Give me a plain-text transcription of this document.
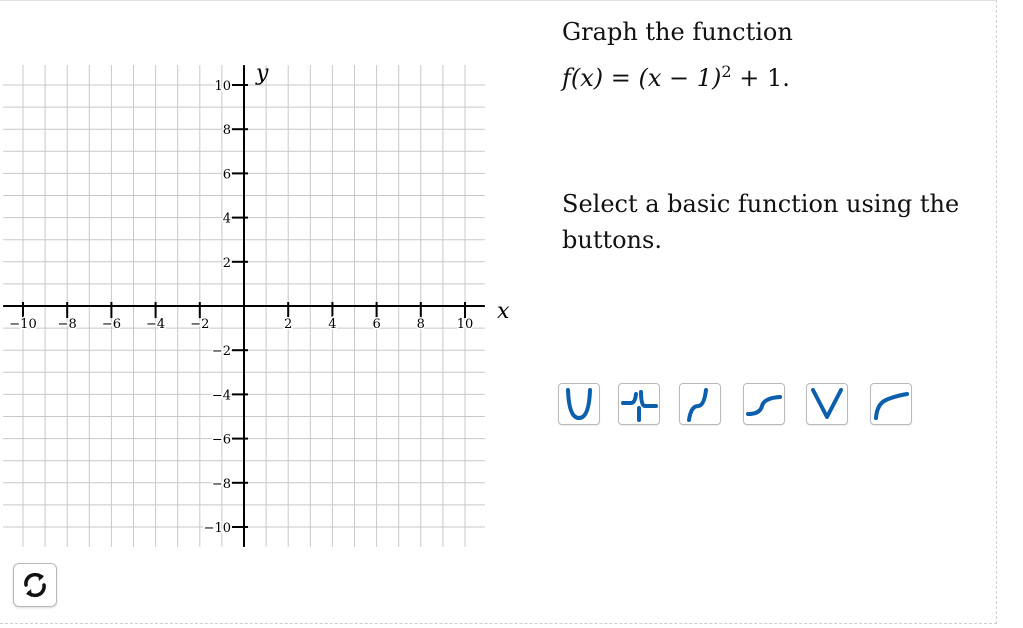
−10 −8 −6 −4 −2	2	4	6	8 10
10
8
6
4
2
−2
−4
−6
−8
−10
x
y
Graph the function
$f(x) = (x - 1)^2 + 1$.
Select a basic function using the buttons.
